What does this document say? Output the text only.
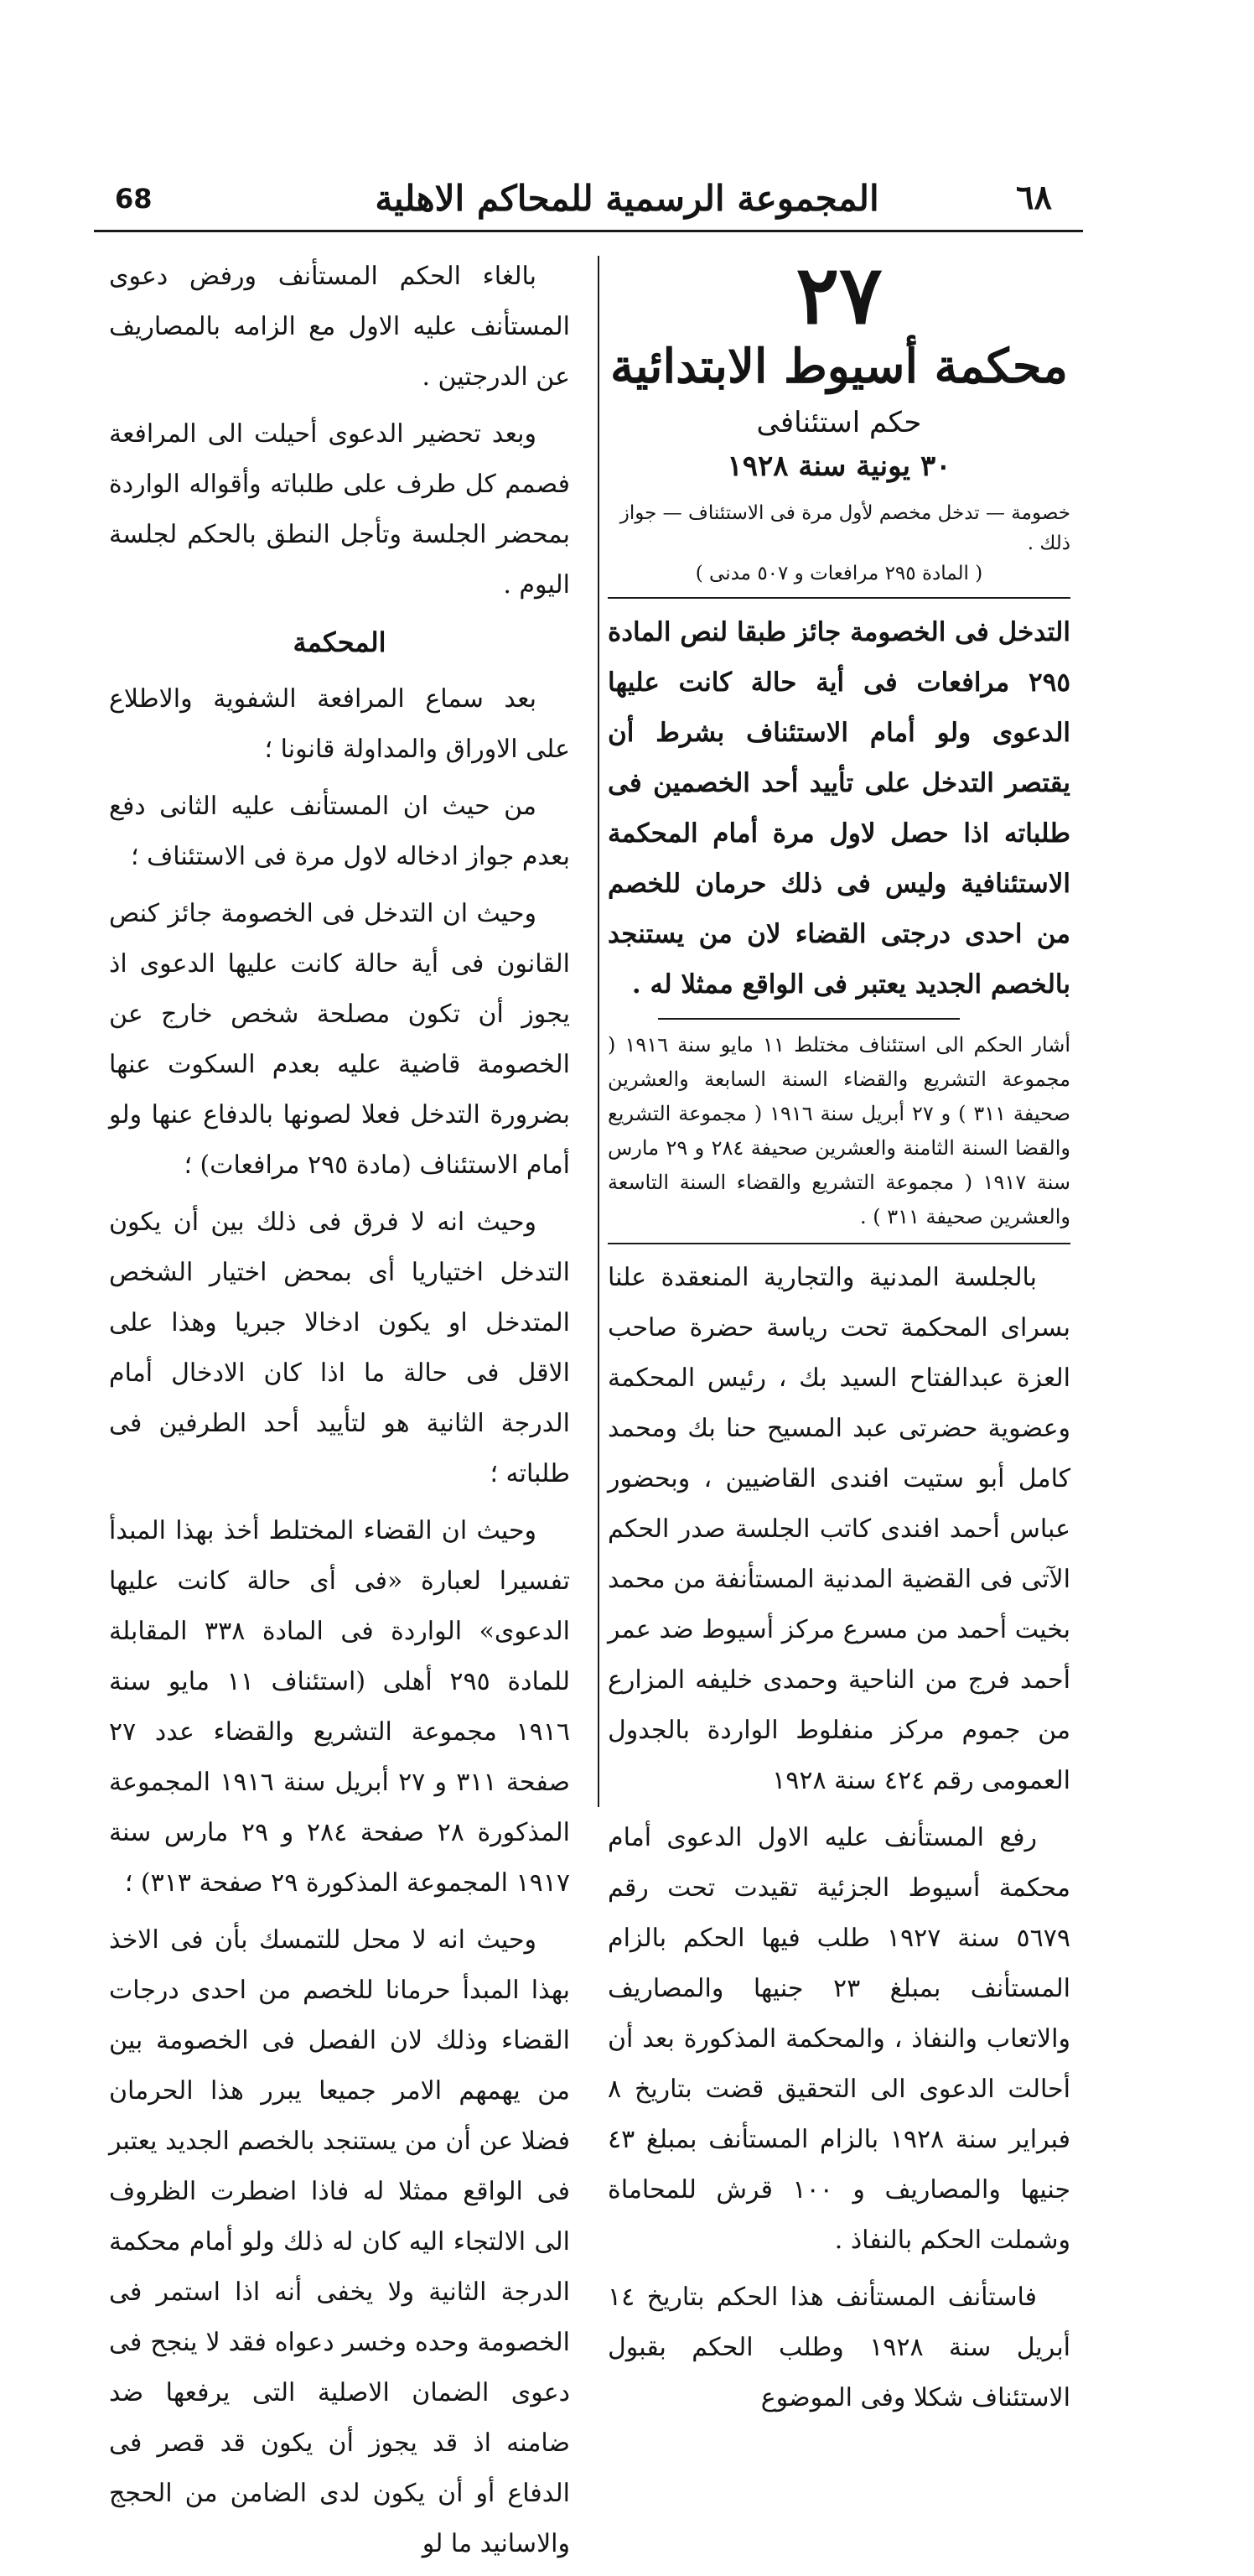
٦٨
المجموعة الرسمية للمحاكم الاهلية
68
٢٧
محكمة أسيوط الابتدائية
حكم استئنافى
٣٠ يونية سنة ١٩٢٨
خصومة — تدخل مخصم لأول مرة فى الاستئناف — جواز ذلك .
( المادة ٢٩٥ مرافعات و ٥٠٧ مدنى )
التدخل فى الخصومة جائز طبقا لنص المادة ٢٩٥ مرافعات فى أية حالة كانت عليها الدعوى ولو أمام الاستئناف بشرط أن يقتصر التدخل على تأييد أحد الخصمين فى طلباته اذا حصل لاول مرة أمام المحكمة الاستئنافية وليس فى ذلك حرمان للخصم من احدى درجتى القضاء لان من يستنجد بالخصم الجديد يعتبر فى الواقع ممثلا له .
أشار الحكم الى استئناف مختلط ١١ مايو سنة ١٩١٦ ( مجموعة التشريع والقضاء السنة السابعة والعشرين صحيفة ٣١١ ) و ٢٧ أبريل سنة ١٩١٦ ( مجموعة التشريع والقضا السنة الثامنة والعشرين صحيفة ٢٨٤ و ٢٩ مارس سنة ١٩١٧ ( مجموعة التشريع والقضاء السنة التاسعة والعشرين صحيفة ٣١١ ) .

بالجلسة المدنية والتجارية المنعقدة علنا بسراى المحكمة تحت رياسة حضرة صاحب العزة عبدالفتاح السيد بك ، رئيس المحكمة وعضوية حضرتى عبد المسيح حنا بك ومحمد كامل أبو ستيت افندى القاضيين ، وبحضور عباس أحمد افندى كاتب الجلسة صدر الحكم الآتى فى القضية المدنية المستأنفة من محمد بخيت أحمد من مسرع مركز أسيوط ضد عمر أحمد فرج من الناحية وحمدى خليفه المزارع من جموم مركز منفلوط الواردة بالجدول العمومى رقم ٤٢٤ سنة ١٩٢٨

رفع المستأنف عليه الاول الدعوى أمام محكمة أسيوط الجزئية تقيدت تحت رقم ٥٦٧٩ سنة ١٩٢٧ طلب فيها الحكم بالزام المستأنف بمبلغ ٢٣ جنيها والمصاريف والاتعاب والنفاذ ، والمحكمة المذكورة بعد أن أحالت الدعوى الى التحقيق قضت بتاريخ ٨ فبراير سنة ١٩٢٨ بالزام المستأنف بمبلغ ٤٣ جنيها والمصاريف و ١٠٠ قرش للمحاماة وشملت الحكم بالنفاذ .

فاستأنف المستأنف هذا الحكم بتاريخ ١٤ أبريل سنة ١٩٢٨ وطلب الحكم بقبول الاستئناف شكلا وفى الموضوع

بالغاء الحكم المستأنف ورفض دعوى المستأنف عليه الاول مع الزامه بالمصاريف عن الدرجتين .

وبعد تحضير الدعوى أحيلت الى المرافعة فصمم كل طرف على طلباته وأقواله الواردة بمحضر الجلسة وتأجل النطق بالحكم لجلسة اليوم .

المحكمة

بعد سماع المرافعة الشفوية والاطلاع على الاوراق والمداولة قانونا ؛

من حيث ان المستأنف عليه الثانى دفع بعدم جواز ادخاله لاول مرة فى الاستئناف ؛

وحيث ان التدخل فى الخصومة جائز كنص القانون فى أية حالة كانت عليها الدعوى اذ يجوز أن تكون مصلحة شخص خارج عن الخصومة قاضية عليه بعدم السكوت عنها بضرورة التدخل فعلا لصونها بالدفاع عنها ولو أمام الاستئناف (مادة ٢٩٥ مرافعات) ؛

وحيث انه لا فرق فى ذلك بين أن يكون التدخل اختياريا أى بمحض اختيار الشخص المتدخل او يكون ادخالا جبريا وهذا على الاقل فى حالة ما اذا كان الادخال أمام الدرجة الثانية هو لتأييد أحد الطرفين فى طلباته ؛

وحيث ان القضاء المختلط أخذ بهذا المبدأ تفسيرا لعبارة «فى أى حالة كانت عليها الدعوى» الواردة فى المادة ٣٣٨ المقابلة للمادة ٢٩٥ أهلى (استئناف ١١ مايو سنة ١٩١٦ مجموعة التشريع والقضاء عدد ٢٧ صفحة ٣١١ و ٢٧ أبريل سنة ١٩١٦ المجموعة المذكورة ٢٨ صفحة ٢٨٤ و ٢٩ مارس سنة ١٩١٧ المجموعة المذكورة ٢٩ صفحة ٣١٣) ؛

وحيث انه لا محل للتمسك بأن فى الاخذ بهذا المبدأ حرمانا للخصم من احدى درجات القضاء وذلك لان الفصل فى الخصومة بين من يهمهم الامر جميعا يبرر هذا الحرمان فضلا عن أن من يستنجد بالخصم الجديد يعتبر فى الواقع ممثلا له فاذا اضطرت الظروف الى الالتجاء اليه كان له ذلك ولو أمام محكمة الدرجة الثانية ولا يخفى أنه اذا استمر فى الخصومة وحده وخسر دعواه فقد لا ينجح فى دعوى الضمان الاصلية التى يرفعها ضد ضامنه اذ قد يجوز أن يكون قد قصر فى الدفاع أو أن يكون لدى الضامن من الحجج والاسانيد ما لو
